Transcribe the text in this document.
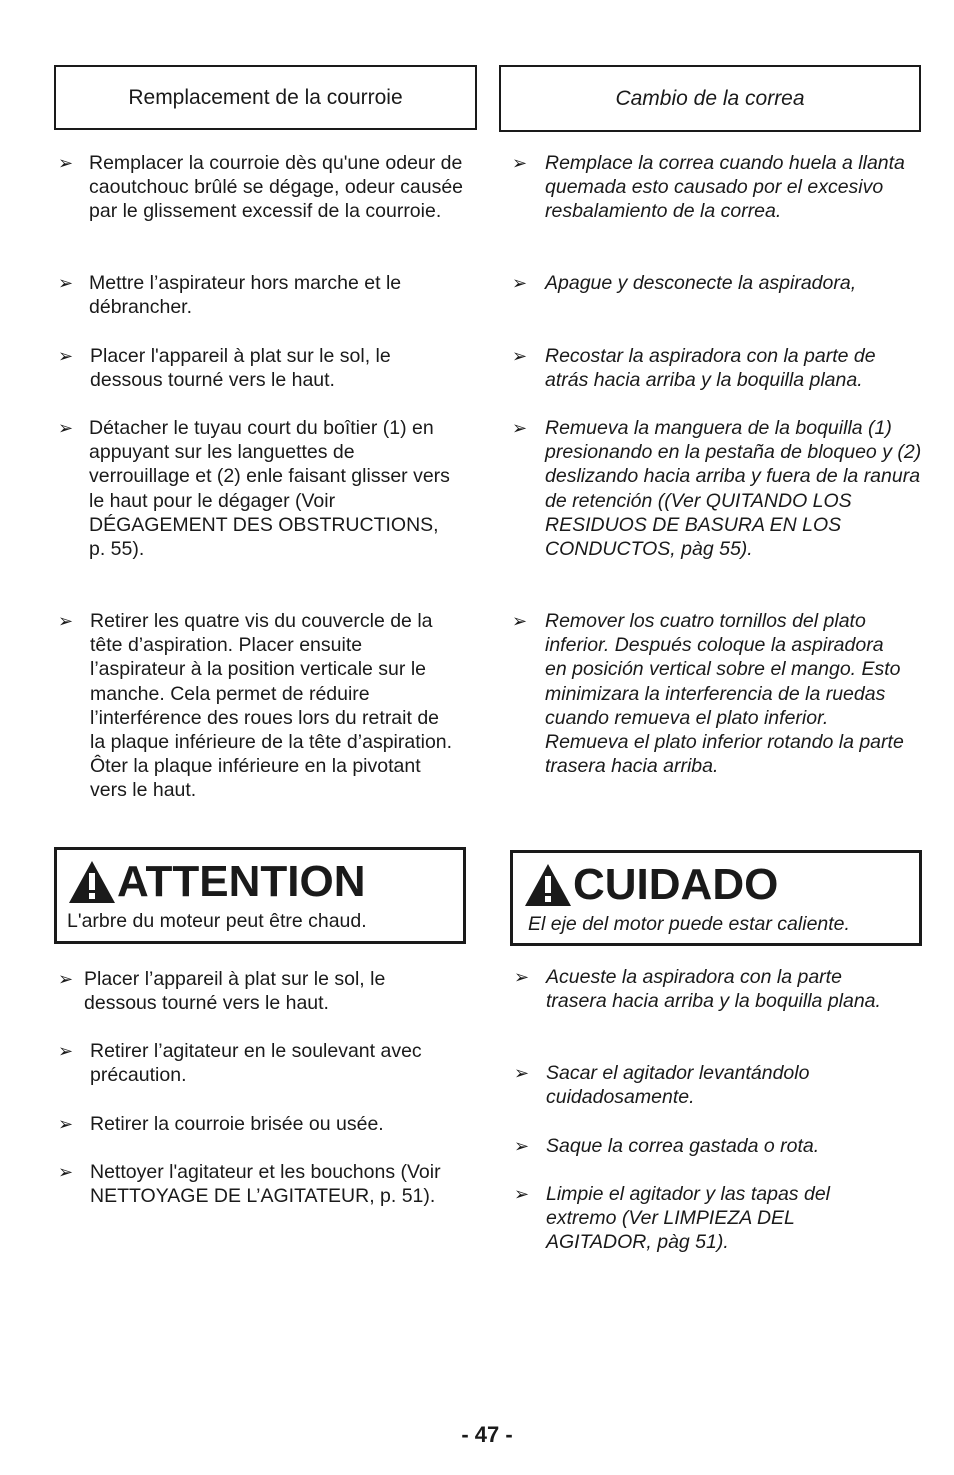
Remplacement de la courroie	Cambio de la correa
➢ Remplacer la courroie dès qu'une odeur de caoutchouc brûlé se dégage, odeur causée par le glissement excessif de la courroie.
➢ Mettre l’aspirateur hors marche et le débrancher.
➢ Placer l'appareil à plat sur le sol, le dessous tourné vers le haut.
➢ Détacher le tuyau court du boîtier (1) en appuyant sur les languettes de verrouillage et (2) enle faisant glisser vers le haut pour le dégager (Voir DÉGAGEMENT DES OBSTRUCTIONS, p. 55).
➢ Retirer les quatre vis du couvercle de la tête d’aspiration. Placer ensuite l’aspirateur à la position verticale sur le manche. Cela permet de réduire l’interférence des roues lors du retrait de la plaque inférieure de la tête d’aspiration. Ôter la plaque inférieure en la pivotant vers le haut.
➢ Remplace la correa cuando huela a llanta quemada esto causado por el excesivo resbalamiento de la correa.
➢ Apague y desconecte la aspiradora,
➢ Recostar la aspiradora con la parte de atrás hacia arriba y la boquilla plana.
➢ Remueva la manguera de la boquilla (1) presionando en la pestaña de bloqueo y (2) deslizando hacia arriba y fuera de la ranura de retención ((Ver QUITANDO LOS RESIDUOS DE BASURA EN LOS CONDUCTOS, pàg 55).
➢ Remover los cuatro tornillos del plato inferior. Después coloque la aspiradora en posición vertical sobre el mango. Esto minimizara la interferencia de la ruedas cuando remueva el plato inferior. Remueva el plato inferior rotando la parte trasera hacia arriba.
ATTENTION
L'arbre du moteur peut être chaud.
CUIDADO
El eje del motor puede estar caliente.
➢ Placer l’appareil à plat sur le sol, le dessous tourné vers le haut.
➢ Retirer l’agitateur en le soulevant avec précaution.
➢ Retirer la courroie brisée ou usée.
➢ Nettoyer l'agitateur et les bouchons (Voir NETTOYAGE DE L’AGITATEUR, p. 51).
➢ Acueste la aspiradora con la parte trasera hacia arriba y la boquilla plana.
➢ Sacar el agitador levantándolo cuidadosamente.
➢ Saque la correa gastada o rota.
➢ Limpie el agitador y las tapas del extremo (Ver LIMPIEZA DEL AGITADOR, pàg 51).
- 47 -
